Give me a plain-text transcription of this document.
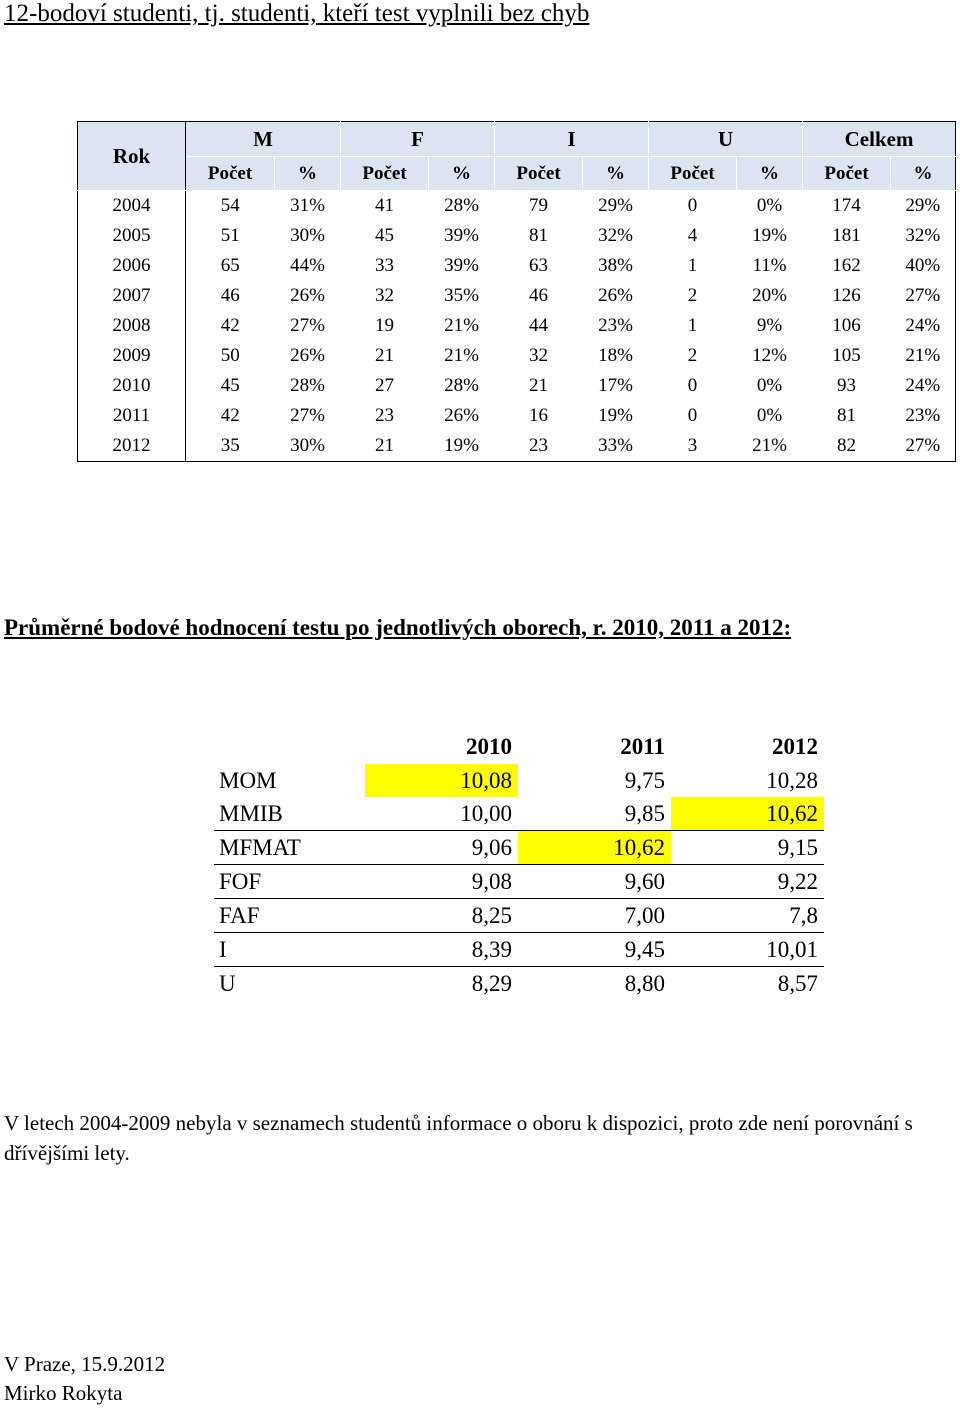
12-bodoví studenti, tj. studenti, kteří test vyplnili bez chyb
Rok	M		F		I		U		Celkem	
	Počet	%	Počet	%	Počet	%	Počet	%	Počet	%
2004	54	31%	41	28%	79	29%	0	0%	174	29%
2005	51	30%	45	39%	81	32%	4	19%	181	32%
2006	65	44%	33	39%	63	38%	1	11%	162	40%
2007	46	26%	32	35%	46	26%	2	20%	126	27%
2008	42	27%	19	21%	44	23%	1	9%	106	24%
2009	50	26%	21	21%	32	18%	2	12%	105	21%
2010	45	28%	27	28%	21	17%	0	0%	93	24%
2011	42	27%	23	26%	16	19%	0	0%	81	23%
2012	35	30%	21	19%	23	33%	3	21%	82	27%
Průměrné bodové hodnocení testu po jednotlivých oborech, r. 2010, 2011 a 2012:
	2010	2011	2012
MOM	10,08	9,75	10,28
MMIB	10,00	9,85	10,62
MFMAT	9,06	10,62	9,15
FOF	9,08	9,60	9,22
FAF	8,25	7,00	7,8
I	8,39	9,45	10,01
U	8,29	8,80	8,57

V letech 2004-2009 nebyla v seznamech studentů informace o oboru k dispozici, proto zde není porovnání s dřívějšími lety.

V Praze, 15.9.2012
Mirko Rokyta
